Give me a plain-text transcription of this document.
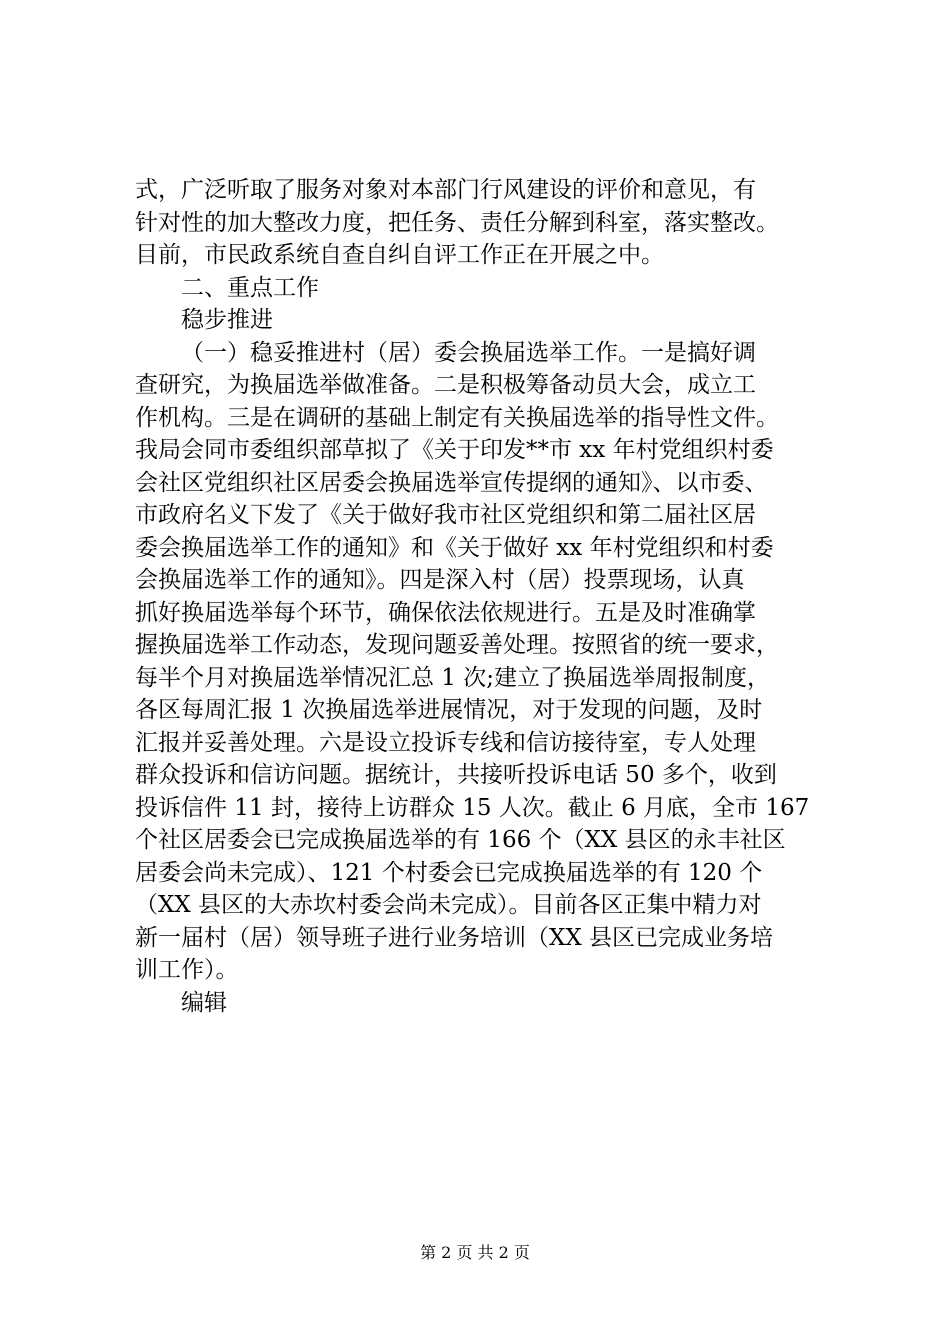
式，广泛听取了服务对象对本部门行风建设的评价和意见，有
针对性的加大整改力度，把任务、责任分解到科室，落实整改。
目前，市民政系统自查自纠自评工作正在开展之中。
二、重点工作
稳步推进
（一）稳妥推进村（居）委会换届选举工作。一是搞好调
查研究，为换届选举做准备。二是积极筹备动员大会，成立工
作机构。三是在调研的基础上制定有关换届选举的指导性文件。
我局会同市委组织部草拟了《关于印发**市 xx 年村党组织村委
会社区党组织社区居委会换届选举宣传提纲的通知》、以市委、
市政府名义下发了《关于做好我市社区党组织和第二届社区居
委会换届选举工作的通知》和《关于做好 xx 年村党组织和村委
会换届选举工作的通知》。四是深入村（居）投票现场，认真
抓好换届选举每个环节，确保依法依规进行。五是及时准确掌
握换届选举工作动态，发现问题妥善处理。按照省的统一要求，
每半个月对换届选举情况汇总 1 次;建立了换届选举周报制度，
各区每周汇报 1 次换届选举进展情况，对于发现的问题，及时
汇报并妥善处理。六是设立投诉专线和信访接待室，专人处理
群众投诉和信访问题。据统计，共接听投诉电话 50 多个，收到
投诉信件 11 封，接待上访群众 15 人次。截止 6 月底，全市 167
个社区居委会已完成换届选举的有 166 个（XX 县区的永丰社区
居委会尚未完成）、121 个村委会已完成换届选举的有 120 个
（XX 县区的大赤坎村委会尚未完成）。目前各区正集中精力对
新一届村（居）领导班子进行业务培训（XX 县区已完成业务培
训工作）。
编辑
第 2 页 共 2 页
